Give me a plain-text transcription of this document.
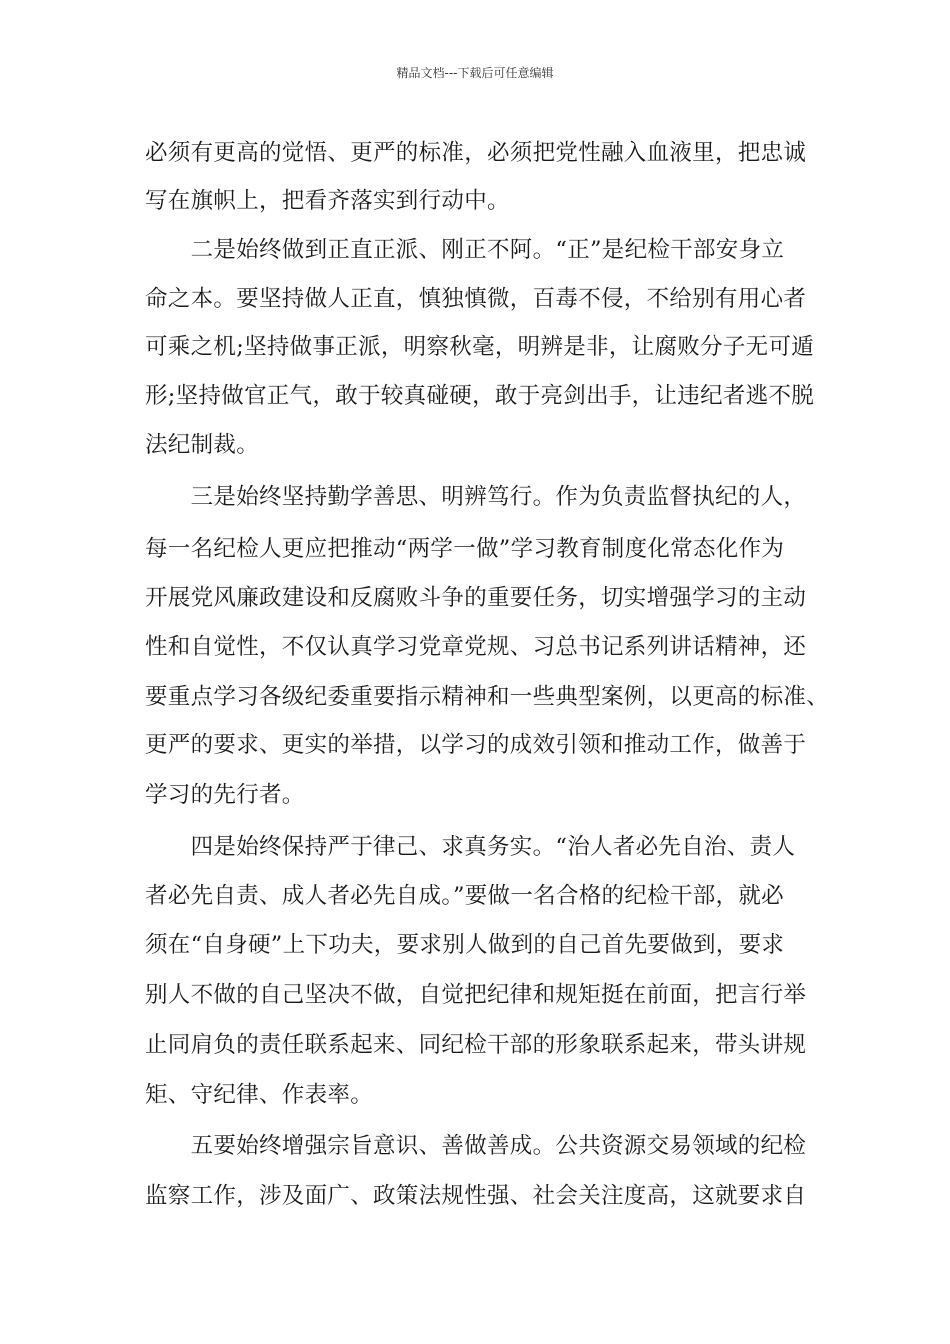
精品文档---下载后可任意编辑
必须有更高的觉悟、更严的标准，必须把党性融入血液里，把忠诚
写在旗帜上，把看齐落实到行动中。
　　二是始终做到正直正派、刚正不阿。“正”是纪检干部安身立
命之本。要坚持做人正直，慎独慎微，百毒不侵，不给别有用心者
可乘之机;坚持做事正派，明察秋毫，明辨是非，让腐败分子无可遁
形;坚持做官正气，敢于较真碰硬，敢于亮剑出手，让违纪者逃不脱
法纪制裁。
　　三是始终坚持勤学善思、明辨笃行。作为负责监督执纪的人，
每一名纪检人更应把推动“两学一做”学习教育制度化常态化作为
开展党风廉政建设和反腐败斗争的重要任务，切实增强学习的主动
性和自觉性，不仅认真学习党章党规、习总书记系列讲话精神，还
要重点学习各级纪委重要指示精神和一些典型案例，以更高的标准、
更严的要求、更实的举措，以学习的成效引领和推动工作，做善于
学习的先行者。
　　四是始终保持严于律己、求真务实。“治人者必先自治、责人
者必先自责、成人者必先自成。”要做一名合格的纪检干部，就必
须在“自身硬”上下功夫，要求别人做到的自己首先要做到，要求
别人不做的自己坚决不做，自觉把纪律和规矩挺在前面，把言行举
止同肩负的责任联系起来、同纪检干部的形象联系起来，带头讲规
矩、守纪律、作表率。
　　五要始终增强宗旨意识、善做善成。公共资源交易领域的纪检
监察工作，涉及面广、政策法规性强、社会关注度高，这就要求自
